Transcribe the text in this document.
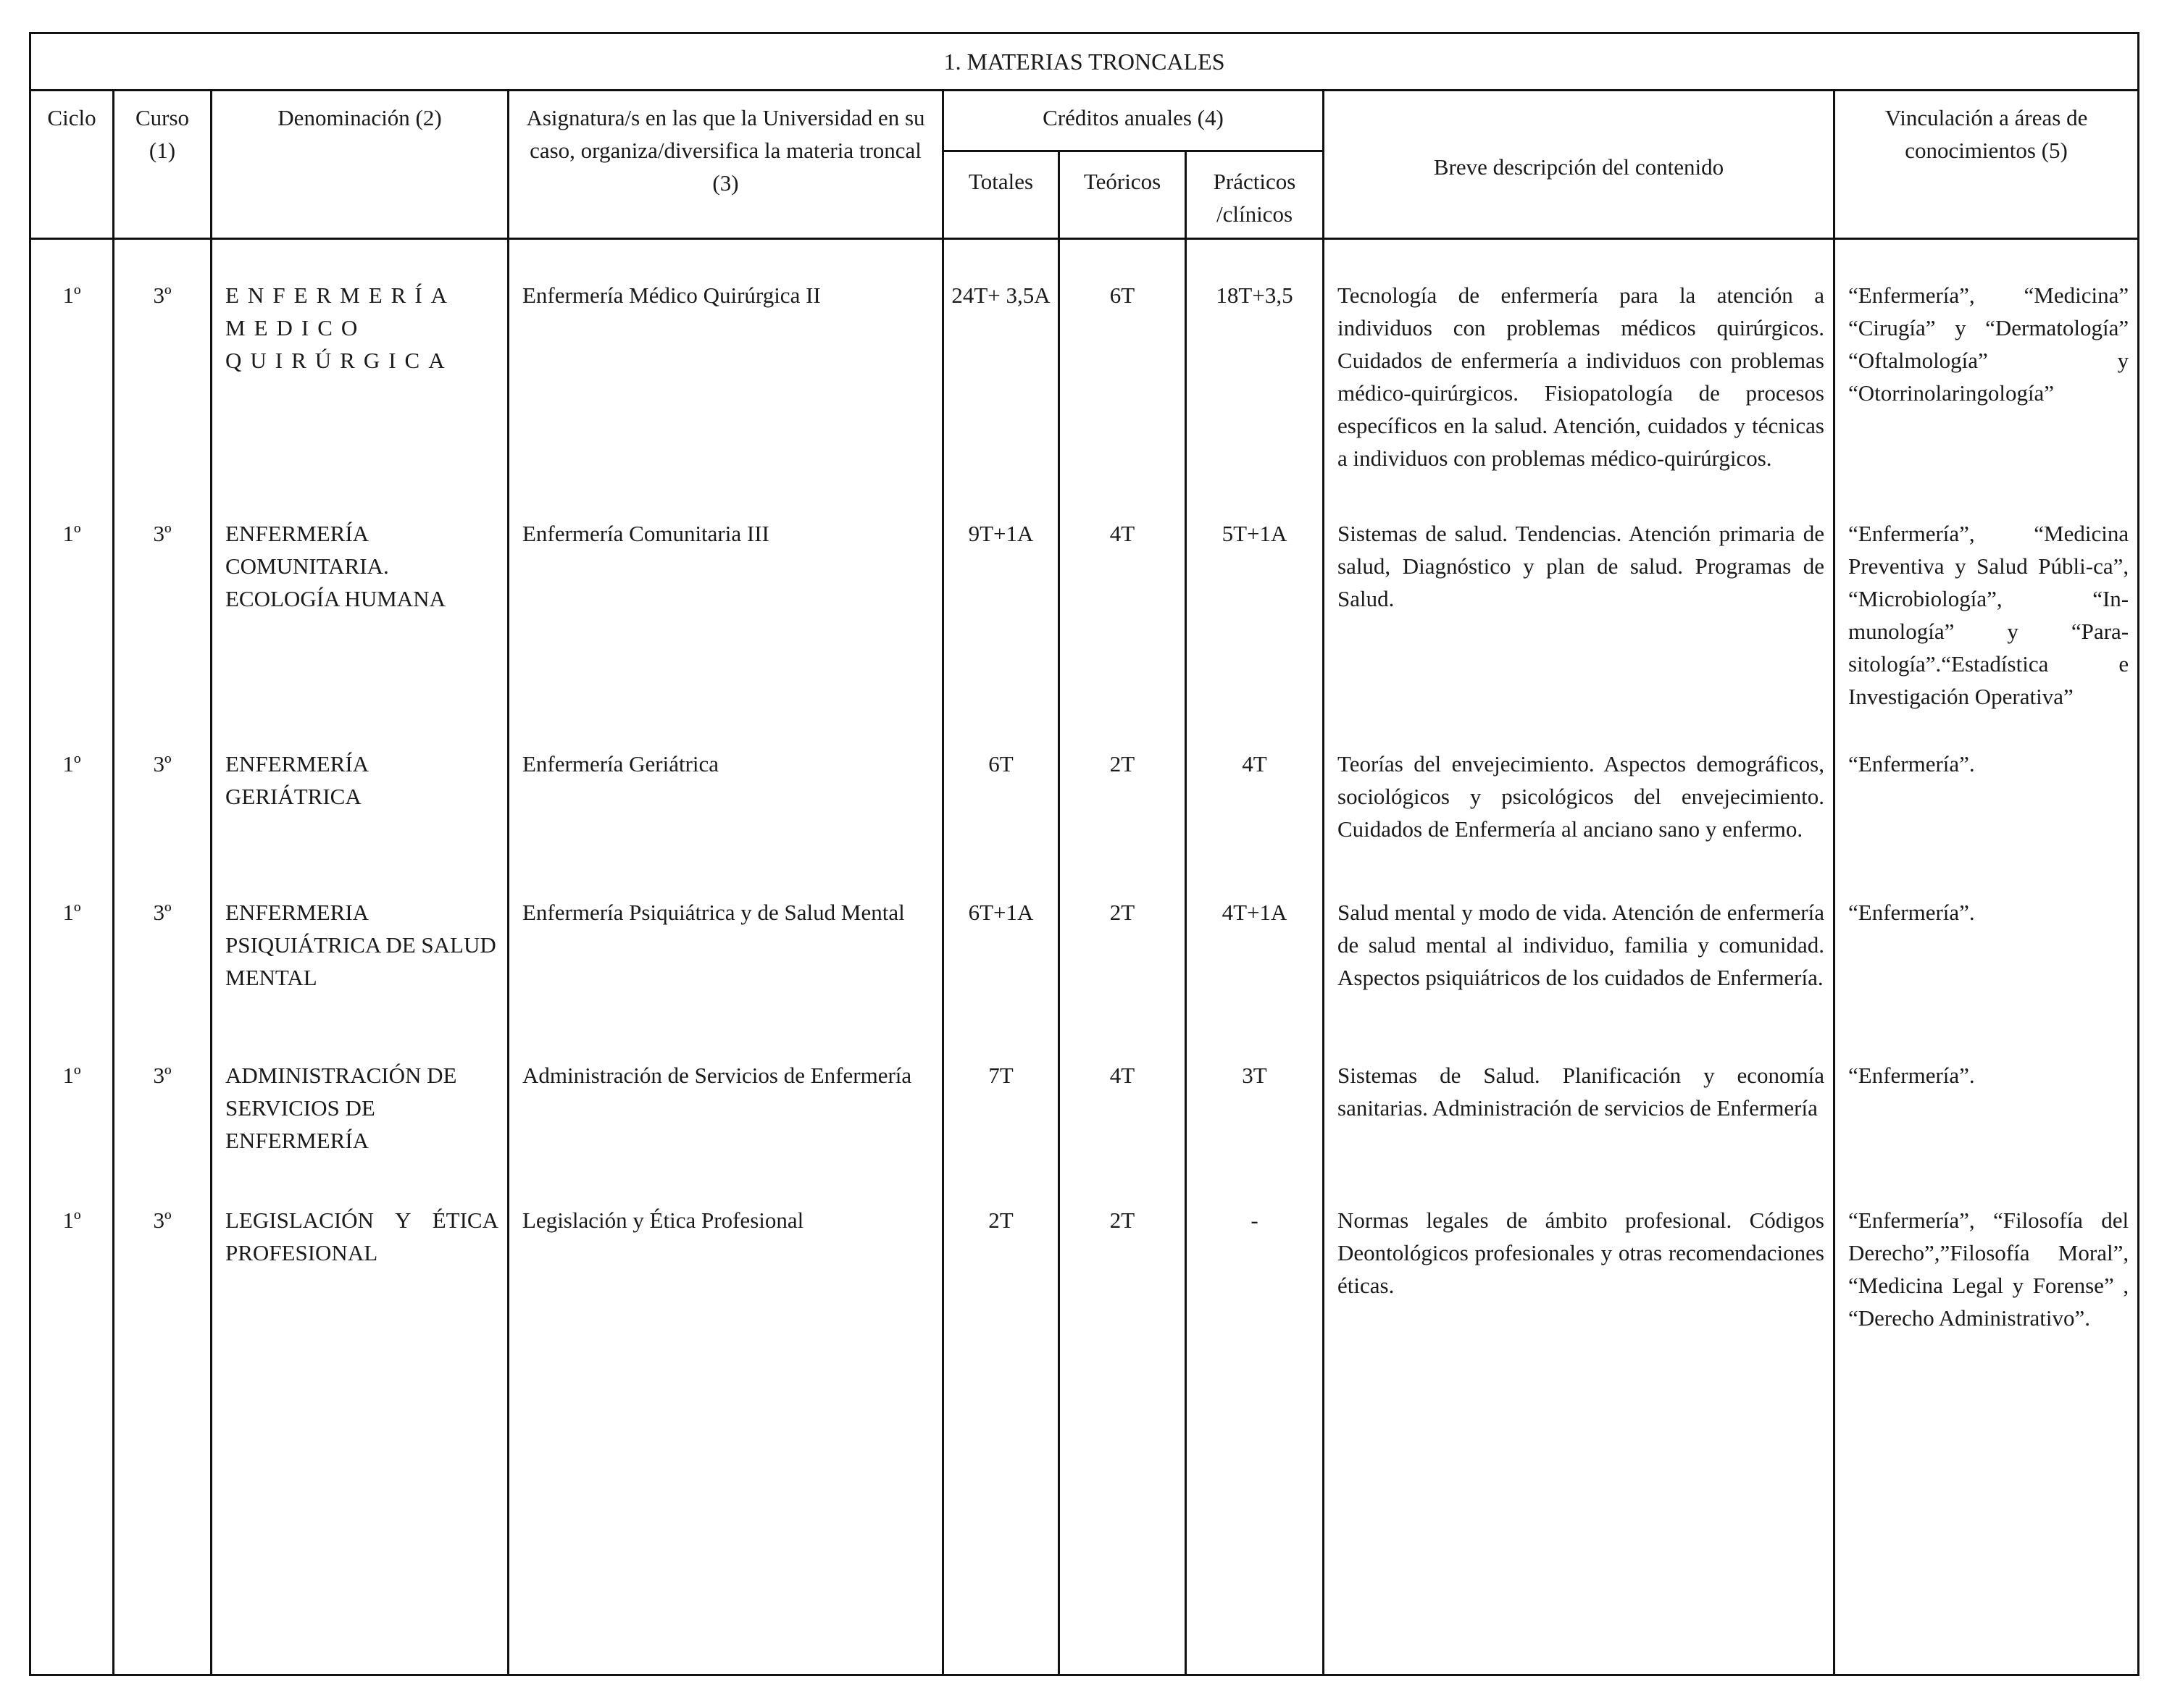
1. MATERIAS TRONCALES								
Ciclo	Curso (1)	Denominación (2)	Asignatura/s en las que la Universidad en su caso, organiza/diversifica la materia troncal (3)	Créditos anuales (4)			Breve descripción del contenido	Vinculación a áreas de conocimientos (5)
				Totales	Teóricos	Prácticos /clínicos		
1º	3º	ENFERMERÍA MEDICO QUIRÚRGICA	Enfermería Médico Quirúrgica II	24T+ 3,5A	6T	18T+3,5	Tecnología de enfermería para la atención a individuos con problemas médicos quirúrgicos. Cuidados de enfermería a individuos con problemas médico-quirúrgicos. Fisiopatología de procesos específicos en la salud. Atención, cuidados y técnicas a individuos con problemas médico-quirúrgicos.	“Enfermería”, “Medicina” “Cirugía” y “Dermatología” “Oftalmología” y “Otorrinolaringología”
1º	3º	ENFERMERÍA COMUNITARIA. ECOLOGÍA HUMANA	Enfermería Comunitaria III	9T+1A	4T	5T+1A	Sistemas de salud. Tendencias. Atención primaria de salud, Diagnóstico y plan de salud. Programas de Salud.	“Enfermería”, “Medicina Preventiva y Salud Públi-ca”, “Microbiología”, “In-munología” y “Para-sitología”.“Estadística e Investigación Operativa”
1º	3º	ENFERMERÍA GERIÁTRICA	Enfermería Geriátrica	6T	2T	4T	Teorías del envejecimiento. Aspectos demográficos, sociológicos y psicológicos del envejecimiento. Cuidados de Enfermería al anciano sano y enfermo.	“Enfermería”.
1º	3º	ENFERMERIA PSIQUIÁTRICA DE SALUD MENTAL	Enfermería Psiquiátrica y de Salud Mental	6T+1A	2T	4T+1A	Salud mental y modo de vida. Atención de enfermería de salud mental al individuo, familia y comunidad. Aspectos psiquiátricos de los cuidados de Enfermería.	“Enfermería”.
1º	3º	ADMINISTRACIÓN DE SERVICIOS DE ENFERMERÍA	Administración de Servicios de Enfermería	7T	4T	3T	Sistemas de Salud. Planificación y economía sanitarias. Administración de servicios de Enfermería	“Enfermería”.
1º	3º	LEGISLACIÓN Y ÉTICA PROFESIONAL	Legislación y Ética Profesional	2T	2T	-	Normas legales de ámbito profesional. Códigos Deontológicos profesionales y otras recomendaciones éticas.	“Enfermería”, “Filosofía del Derecho”,”Filosofía Moral”, “Medicina Legal y Forense” , “Derecho Administrativo”.
